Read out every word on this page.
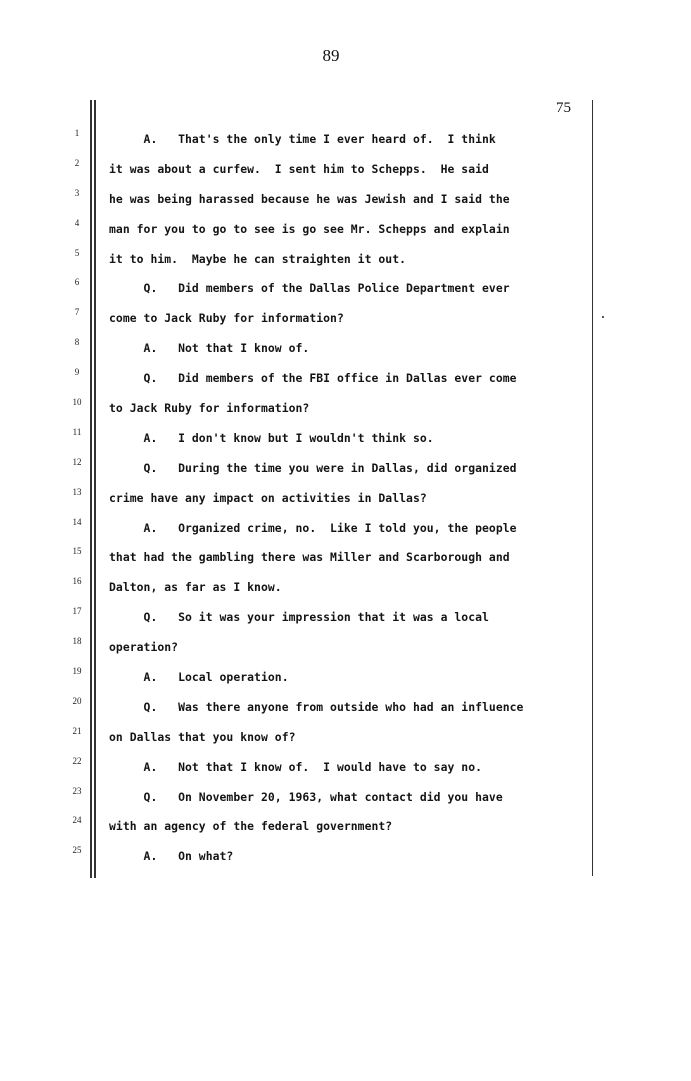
89
75
1
2
3
4
5
6
7
8
9
10
11
12
13
14
15
16
17
18
19
20
21
22
23
24
25
A.   That's the only time I ever heard of.  I think
it was about a curfew.  I sent him to Schepps.  He said
he was being harassed because he was Jewish and I said the
man for you to go to see is go see Mr. Schepps and explain
it to him.  Maybe he can straighten it out.
Q.   Did members of the Dallas Police Department ever
come to Jack Ruby for information?
A.   Not that I know of.
Q.   Did members of the FBI office in Dallas ever come
to Jack Ruby for information?
A.   I don't know but I wouldn't think so.
Q.   During the time you were in Dallas, did organized
crime have any impact on activities in Dallas?
A.   Organized crime, no.  Like I told you, the people
that had the gambling there was Miller and Scarborough and
Dalton, as far as I know.
Q.   So it was your impression that it was a local
operation?
A.   Local operation.
Q.   Was there anyone from outside who had an influence
on Dallas that you know of?
A.   Not that I know of.  I would have to say no.
Q.   On November 20, 1963, what contact did you have
with an agency of the federal government?
A.   On what?
